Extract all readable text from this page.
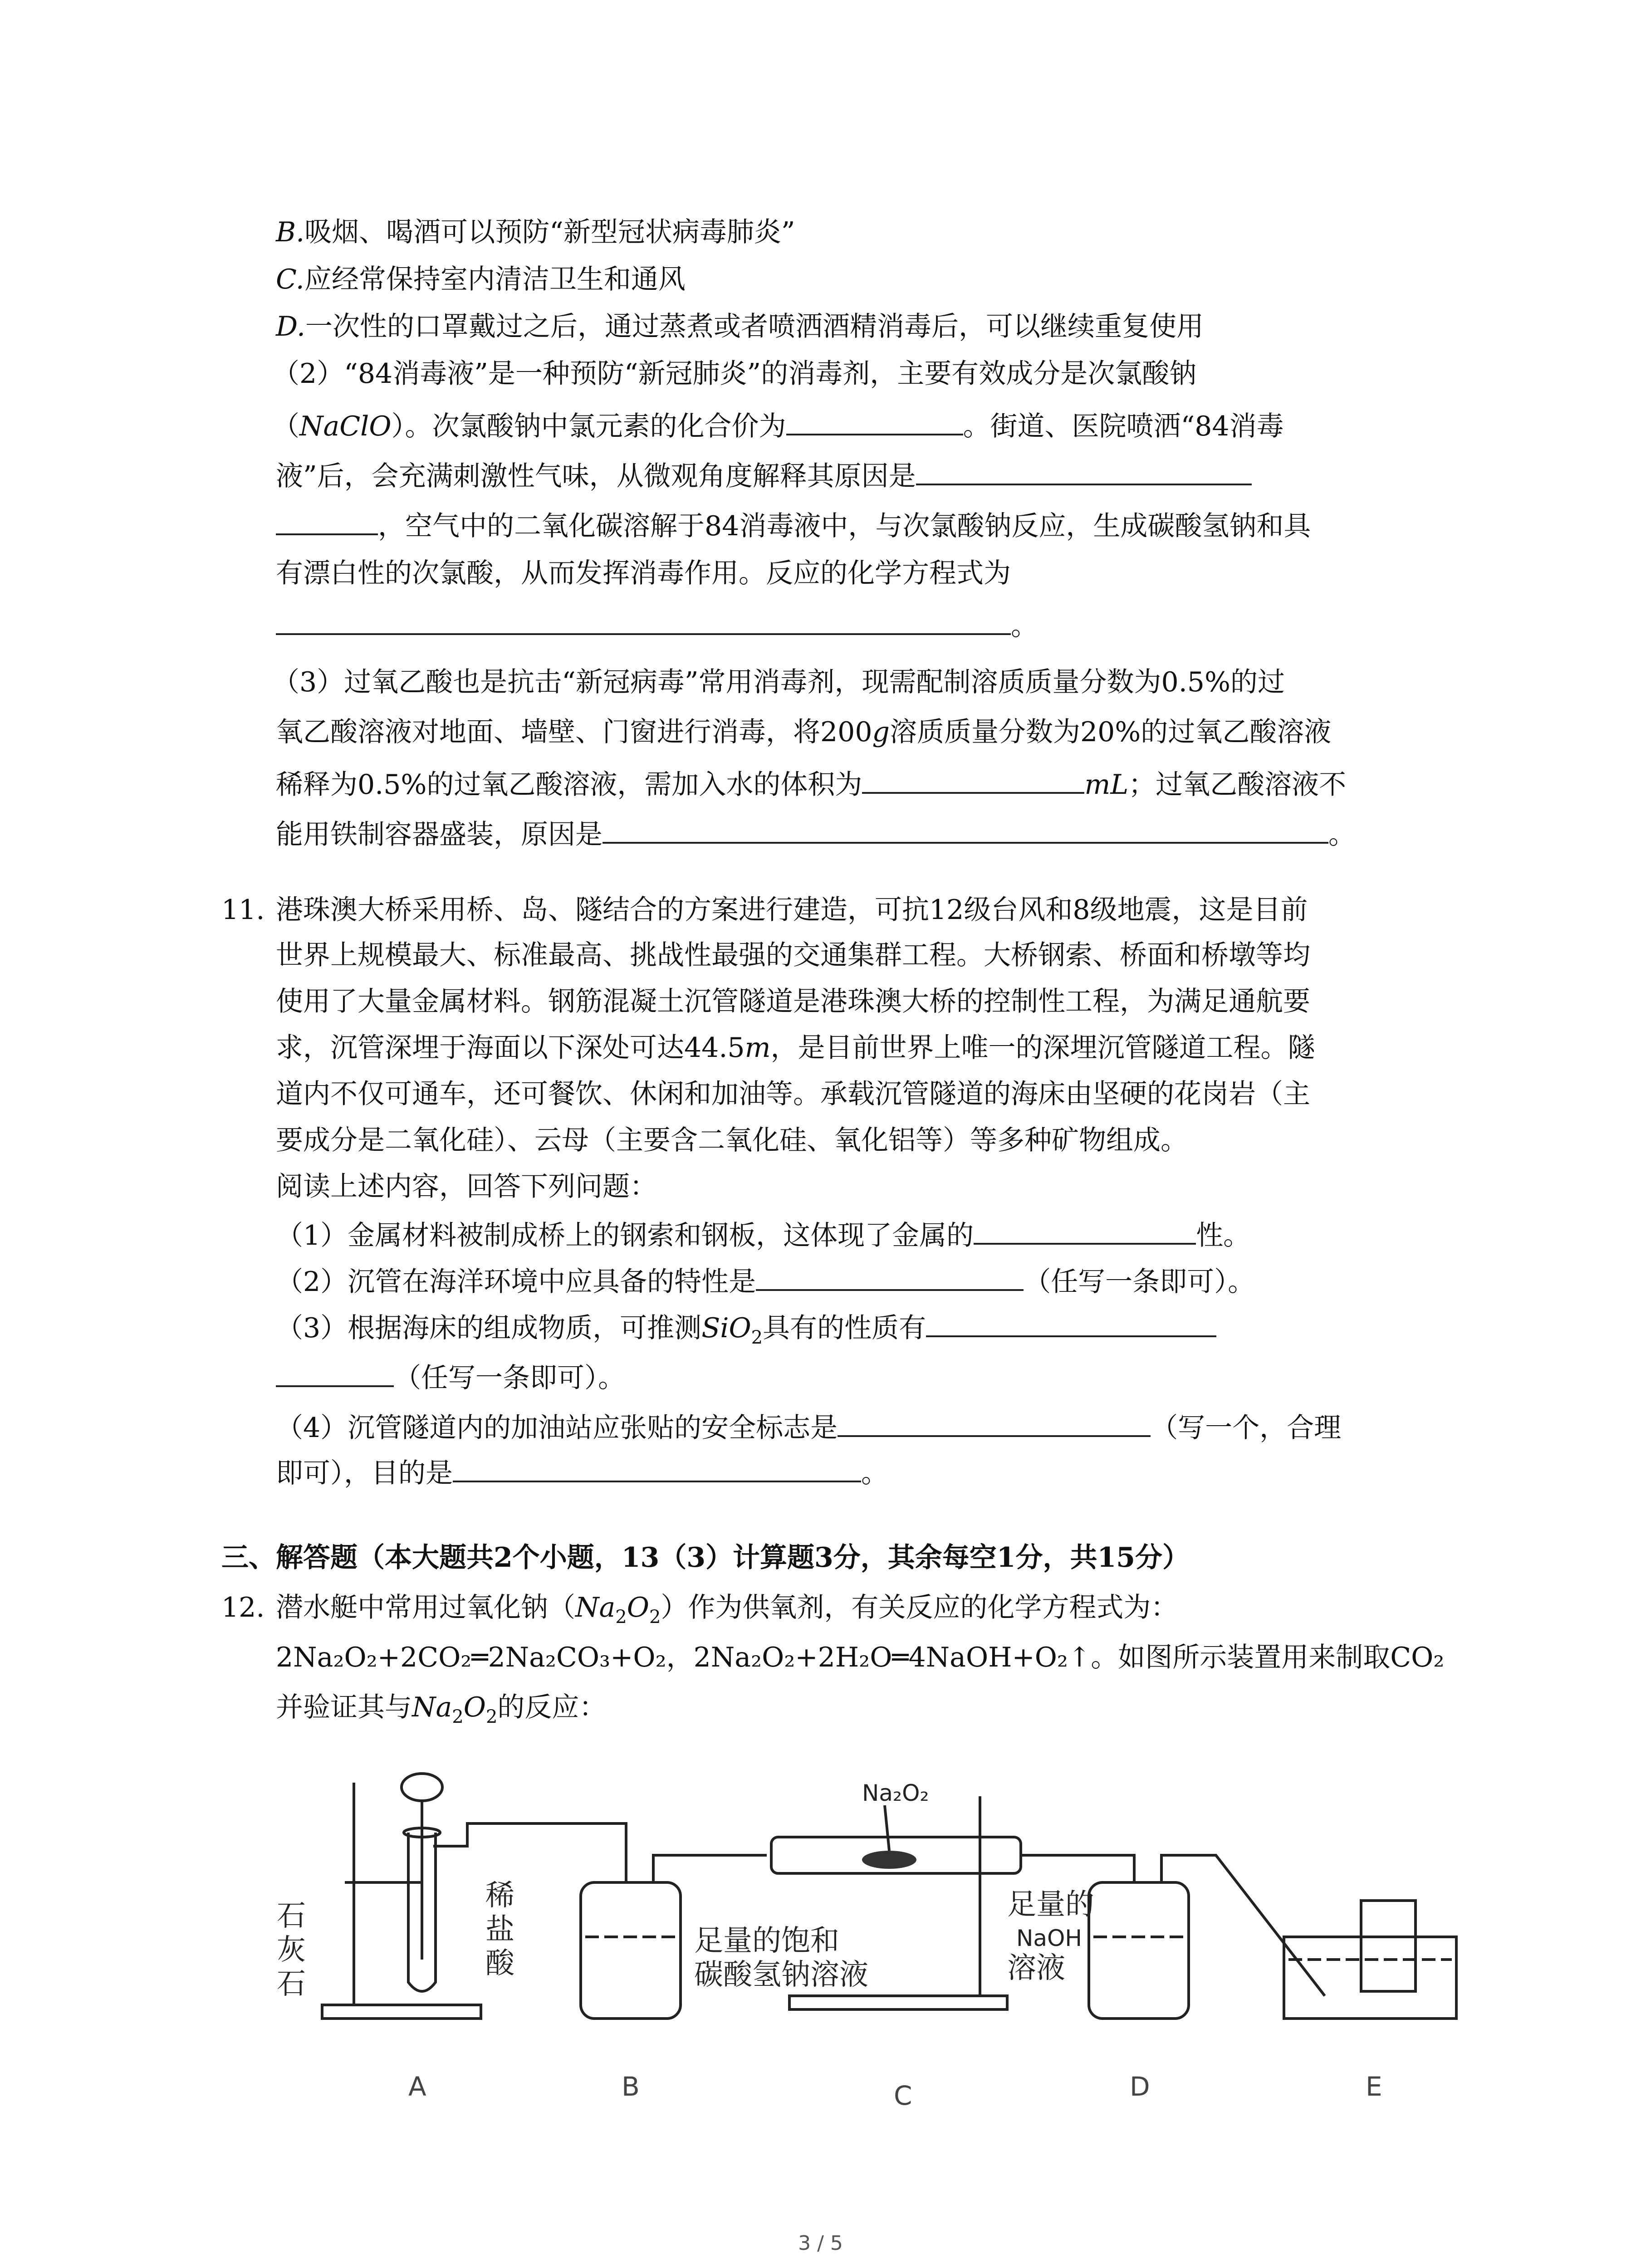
B.吸烟、喝酒可以预防“新型冠状病毒肺炎”
C.应经常保持室内清洁卫生和通风
D.一次性的口罩戴过之后，通过蒸煮或者喷洒酒精消毒后，可以继续重复使用
（2）“84消毒液”是一种预防“新冠肺炎”的消毒剂，主要有效成分是次氯酸钠
（NaClO）。次氯酸钠中氯元素的化合价为	。街道、医院喷洒“84消毒
液”后，会充满刺激性气味，从微观角度解释其原因是
，空气中的二氧化碳溶解于84消毒液中，与次氯酸钠反应，生成碳酸氢钠和具
有漂白性的次氯酸，从而发挥消毒作用。反应的化学方程式为
。
（3）过氧乙酸也是抗击“新冠病毒”常用消毒剂，现需配制溶质质量分数为0.5%的过
氧乙酸溶液对地面、墙壁、门窗进行消毒，将200g溶质质量分数为20%的过氧乙酸溶液
稀释为0.5%的过氧乙酸溶液，需加入水的体积为	mL；过氧乙酸溶液不
能用铁制容器盛装，原因是	。
11. 港珠澳大桥采用桥、岛、隧结合的方案进行建造，可抗12级台风和8级地震，这是目前
世界上规模最大、标准最高、挑战性最强的交通集群工程。大桥钢索、桥面和桥墩等均
使用了大量金属材料。钢筋混凝土沉管隧道是港珠澳大桥的控制性工程，为满足通航要
求，沉管深埋于海面以下深处可达44.5m，是目前世界上唯一的深埋沉管隧道工程。隧
道内不仅可通车，还可餐饮、休闲和加油等。承载沉管隧道的海床由坚硬的花岗岩（主
要成分是二氧化硅）、云母（主要含二氧化硅、氧化铝等）等多种矿物组成。
阅读上述内容，回答下列问题：
（1）金属材料被制成桥上的钢索和钢板，这体现了金属的	性。
（2）沉管在海洋环境中应具备的特性是	（任写一条即可）。
（3）根据海床的组成物质，可推测SiO$_2$具有的性质有
（任写一条即可）。
（4）沉管隧道内的加油站应张贴的安全标志是	（写一个，合理
即可），目的是	。
三、解答题（本大题共2个小题，13（3）计算题3分，其余每空1分，共15分）
12. 潜水艇中常用过氧化钠$(Na_2O_2)$作为供氧剂，有关反应的化学方程式为：
2Na₂O₂+2CO₂═2Na₂CO₃+O₂，2Na₂O₂+2H₂O═4NaOH+O₂↑。如图所示装置用来制取CO₂
并验证其与$Na_2O_2$的反应：
Na₂O₂
石
灰
石
稀
盐
酸
足量的饱和
碳酸氢钠溶液
足量的
NaOH
溶液
A	B	C	D	E
3 / 5
